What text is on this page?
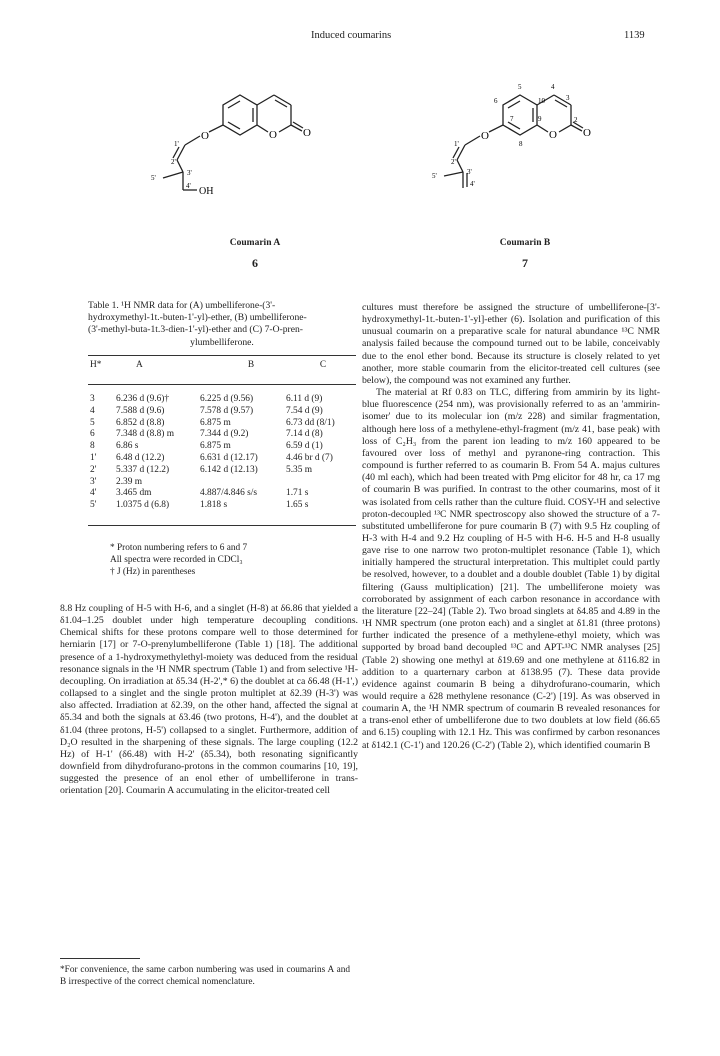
Induced coumarins	1139
O	O O
OH
1'
2'
3'
4'
5'
Coumarin A
6
O	O O
1'
2'
3'
4'
5'
3
4
5
6
7
8
9
10
2
Coumarin B
7
Table 1. ¹H NMR data for (A) umbelliferone-(3'-
hydroxymethyl-1t.-buten-1'-yl)-ether, (B) umbelliferone-
(3'-methyl-buta-1t.3-dien-1'-yl)-ether and (C) 7-O-pren-
ylumbelliferone.
H*	A	B	C
3	6.236 d (9.6)†	6.225 d (9.56)	6.11 d (9)
4	7.588 d (9.6)	7.578 d (9.57)	7.54 d (9)
5	6.852 d (8.8)	6.875 m	6.73 dd (8/1)
6	7.348 d (8.8) m	7.344 d (9.2)	7.14 d (8)
8	6.86 s	6.875 m	6.59 d (1)
1'	6.48 d (12.2)	6.631 d (12.17)	4.46 br d (7)
2'	5.337 d (12.2)	6.142 d (12.13)	5.35 m
3'	2.39 m		
4'	3.465 dm	4.887/4.846 s/s	1.71 s
5'	1.0375 d (6.8)	1.818 s	1.65 s
* Proton numbering refers to 6 and 7
All spectra were recorded in CDCl₃
† J (Hz) in parentheses

8.8 Hz coupling of H-5 with H-6, and a singlet (H-8) at δ6.86 that yielded a δ1.04–1.25 doublet under high temperature decoupling conditions. Chemical shifts for these protons compare well to those determined for herniarin [17] or 7-O-prenylumbelliferone (Table 1) [18]. The additional presence of a 1-hydroxymethylethyl-moiety was deduced from the residual resonance signals in the ¹H NMR spectrum (Table 1) and from selective ¹H-decoupling. On irradiation at δ5.34 (H-2',* 6) the doublet at ca δ6.48 (H-1',) collapsed to a singlet and the single proton multiplet at δ2.39 (H-3') was also affected. Irradiation at δ2.39, on the other hand, affected the signal at δ5.34 and both the signals at δ3.46 (two protons, H-4'), and the doublet at δ1.04 (three protons, H-5') collapsed to a singlet. Furthermore, addition of D₂O resulted in the sharpening of these signals. The large coupling (12.2 Hz) of H-1' (δ6.48) with H-2' (δ5.34), both resonating significantly downfield from dihydrofurano-protons in the common coumarins [10, 19], suggested the presence of an enol ether of umbelliferone in trans-orientation [20]. Coumarin A accumulating in the elicitor-treated cell

*For convenience, the same carbon numbering was used in coumarins A and B irrespective of the correct chemical nomenclature.

cultures must therefore be assigned the structure of umbelliferone-[3'-hydroxymethyl-1t.-buten-1'-yl]-ether (6). Isolation and purification of this unusual coumarin on a preparative scale for natural abundance ¹³C NMR analysis failed because the compound turned out to be labile, conceivably due to the enol ether bond. Because its structure is closely related to yet another, more stable coumarin from the elicitor-treated cell cultures (see below), the compound was not examined any further.

The material at Rf 0.83 on TLC, differing from ammirin by its light-blue fluorescence (254 nm), was provisionally referred to as an 'ammirin-isomer' due to its molecular ion (m/z 228) and similar fragmentation, although here loss of a methylene-ethyl-fragment (m/z 41, base peak) with loss of C₂H₃ from the parent ion leading to m/z 160 appeared to be favoured over loss of methyl and pyranone-ring contraction. This compound is further referred to as coumarin B. From 54 A. majus cultures (40 ml each), which had been treated with Pmg elicitor for 48 hr, ca 17 mg of coumarin B was purified. In contrast to the other coumarins, most of it was isolated from cells rather than the culture fluid. COSY-¹H and selective proton-decoupled ¹³C NMR spectroscopy also showed the structure of a 7-substituted umbelliferone for pure coumarin B (7) with 9.5 Hz coupling of H-3 with H-4 and 9.2 Hz coupling of H-5 with H-6. H-5 and H-8 usually gave rise to one narrow two proton-multiplet resonance (Table 1), which initially hampered the structural interpretation. This multiplet could partly be resolved, however, to a doublet and a double doublet (Table 1) by digital filtering (Gauss multiplication) [21]. The umbelliferone moiety was corroborated by assignment of each carbon resonance in accordance with the literature [22–24] (Table 2). Two broad singlets at δ4.85 and 4.89 in the ¹H NMR spectrum (one proton each) and a singlet at δ1.81 (three protons) further indicated the presence of a methylene-ethyl moiety, which was supported by broad band decoupled ¹³C and APT-¹³C NMR analyses [25] (Table 2) showing one methyl at δ19.69 and one methylene at δ116.82 in addition to a quarternary carbon at δ138.95 (7). These data provide evidence against coumarin B being a dihydrofurano-coumarin, which would require a δ28 methylene resonance (C-2') [19]. As was observed in coumarin A, the ¹H NMR spectrum of coumarin B revealed resonances for a trans-enol ether of umbelliferone due to two doublets at low field (δ6.65 and 6.15) coupling with 12.1 Hz. This was confirmed by carbon resonances at δ142.1 (C-1') and 120.26 (C-2') (Table 2), which identified coumarin B
